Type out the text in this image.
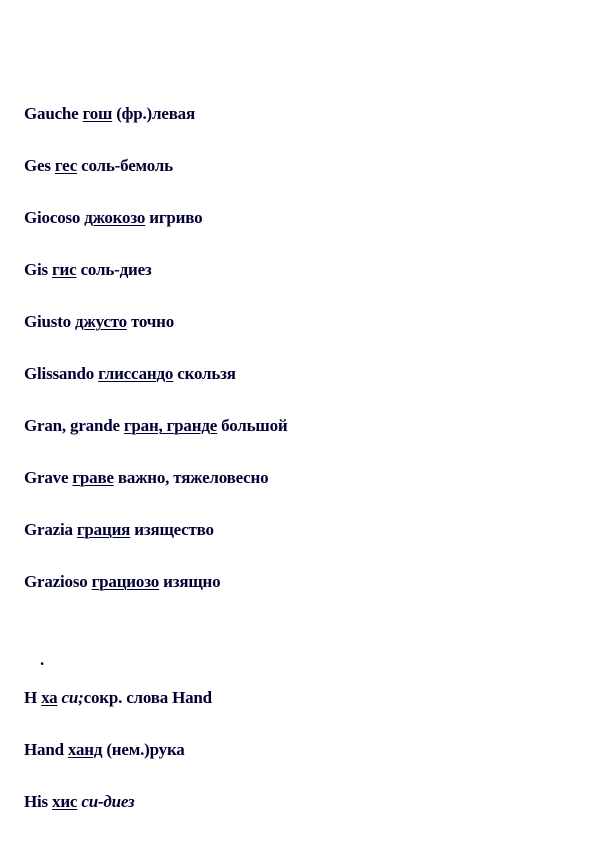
Gauche гош (фр.)левая
Ges гес соль-бемоль
Giocoso джокозо игриво
Gis гис соль-диез
Giusto джусто точно
Glissando глиссандо скользя
Gran, grande гран, гранде большой
Grave граве важно, тяжеловесно
Grazia грация изящество
Grazioso грациозо изящно
.
H ха си;сокр. слова Hand
Hand ханд (нем.)рука
His хис си-диез
